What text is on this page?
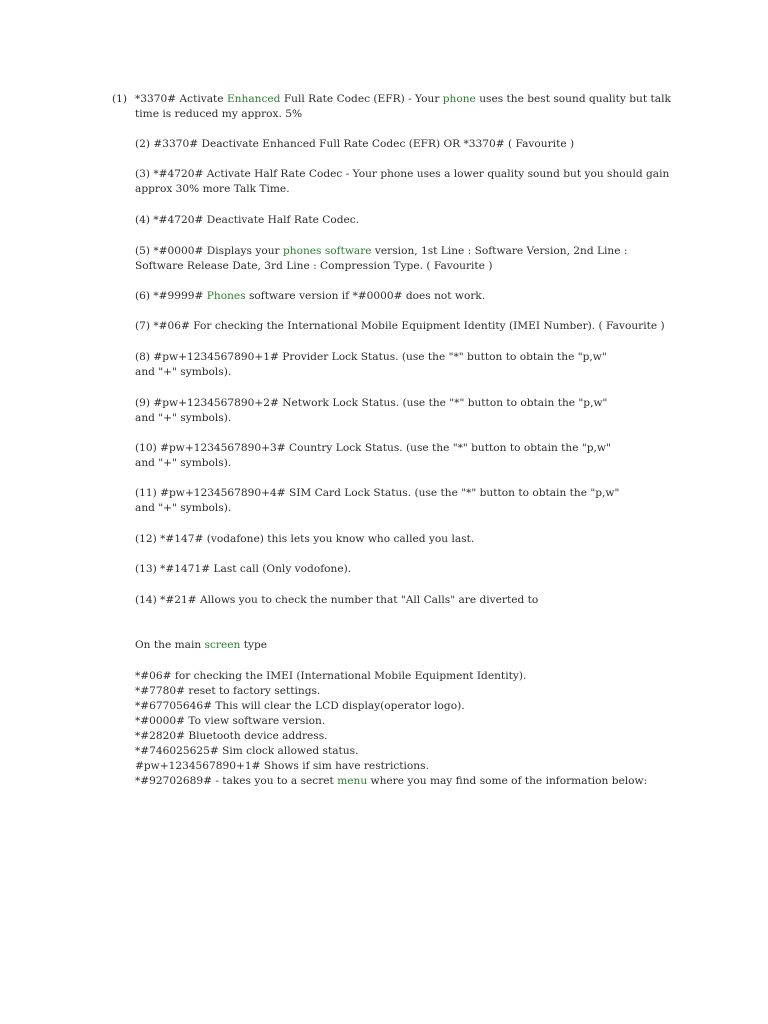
(1) *3370# Activate Enhanced Full Rate Codec (EFR) - Your phone uses the best sound quality but talk time is reduced my approx. 5%
(2) #3370# Deactivate Enhanced Full Rate Codec (EFR) OR *3370# ( Favourite )
(3) *#4720# Activate Half Rate Codec - Your phone uses a lower quality sound but you should gain approx 30% more Talk Time.
(4) *#4720# Deactivate Half Rate Codec.
(5) *#0000# Displays your phones software version, 1st Line : Software Version, 2nd Line : Software Release Date, 3rd Line : Compression Type. ( Favourite )
(6) *#9999# Phones software version if *#0000# does not work.
(7) *#06# For checking the International Mobile Equipment Identity (IMEI Number). ( Favourite )
(8) #pw+1234567890+1# Provider Lock Status. (use the "*" button to obtain the "p,w"
and "+" symbols).
(9) #pw+1234567890+2# Network Lock Status. (use the "*" button to obtain the "p,w"
and "+" symbols).
(10) #pw+1234567890+3# Country Lock Status. (use the "*" button to obtain the "p,w"
and "+" symbols).
(11) #pw+1234567890+4# SIM Card Lock Status. (use the "*" button to obtain the "p,w"
and "+" symbols).
(12) *#147# (vodafone) this lets you know who called you last.
(13) *#1471# Last call (Only vodofone).
(14) *#21# Allows you to check the number that "All Calls" are diverted to
On the main screen type
*#06# for checking the IMEI (International Mobile Equipment Identity).
*#7780# reset to factory settings.
*#67705646# This will clear the LCD display(operator logo).
*#0000# To view software version.
*#2820# Bluetooth device address.
*#746025625# Sim clock allowed status.
#pw+1234567890+1# Shows if sim have restrictions.
*#92702689# - takes you to a secret menu where you may find some of the information below:
